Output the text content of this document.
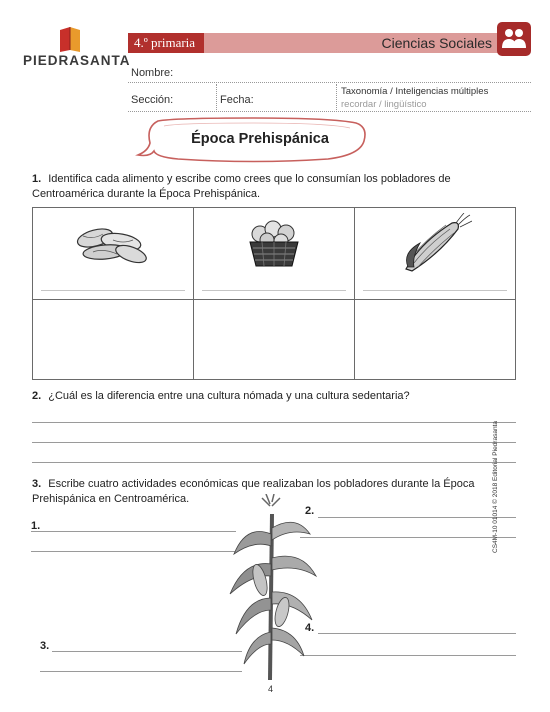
PIEDRASANTA
4.º primaria	Ciencias Sociales
Nombre:
Sección:	Fecha:
Taxonomía / Inteligencias múltiples
recordar / lingüístico
Época Prehispánica
1. Identifica cada alimento y escribe como crees que lo consumían los pobladores de Centroamérica durante la Época Prehispánica.

2. ¿Cuál es la diferencia entre una cultura nómada y una cultura sedentaria?
3. Escribe cuatro actividades económicas que realizaban los pobladores durante la Época Prehispánica en Centroamérica.
1.
2.
3.
4.
4
CS4M-10 01014 © 2018 Editorial Piedrasanta
